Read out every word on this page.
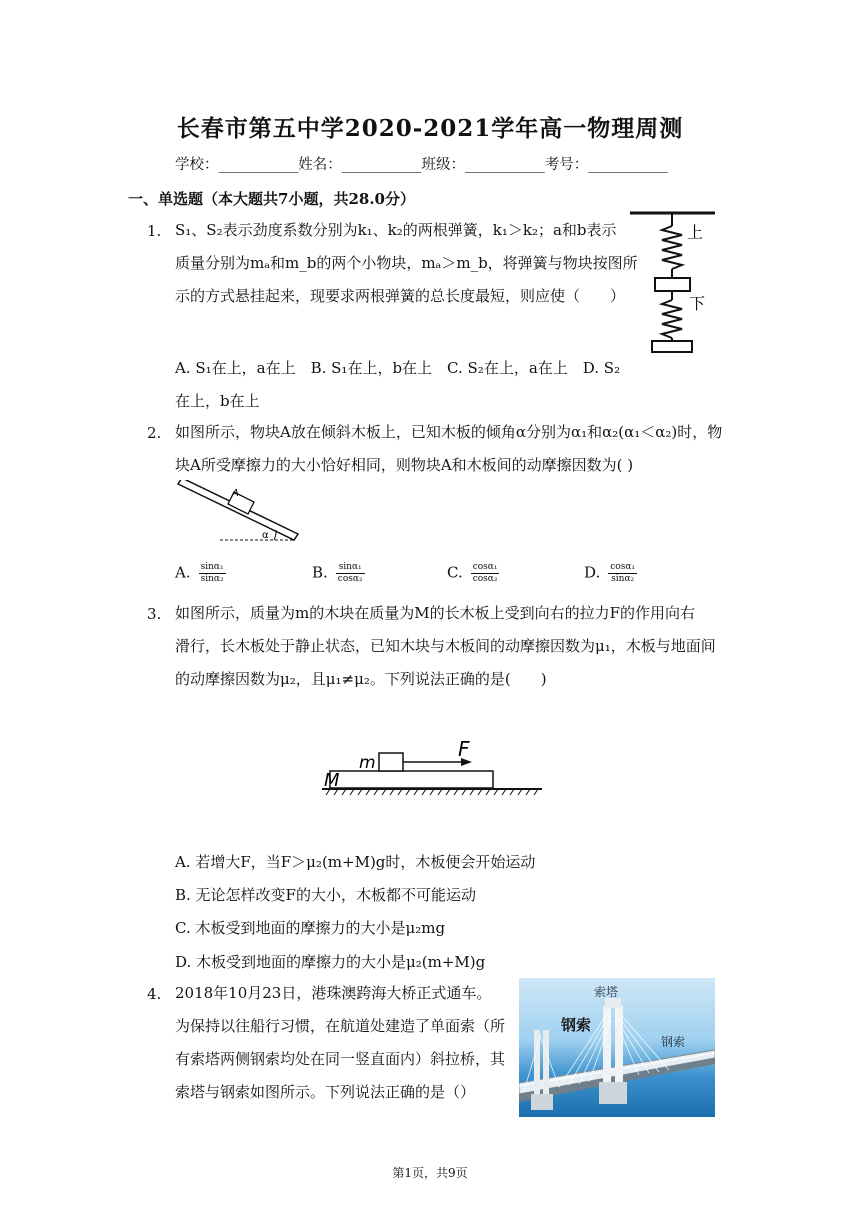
长春市第五中学2020-2021学年高一物理周测
学校：___________姓名：___________班级：___________考号：___________
一、单选题（本大题共7小题，共28.0分）
1. S₁、S₂表示劲度系数分别为k₁、k₂的两根弹簧，k₁＞k₂；a和b表示
质量分别为mₐ和m_b的两个小物块，mₐ＞m_b，将弹簧与物块按图所
示的方式悬挂起来，现要求两根弹簧的总长度最短，则应使（　　）
A. S₁在上，a在上　B. S₁在上，b在上　C. S₂在上，a在上　D. S₂
在上，b在上
上
下
2. 如图所示，物块A放在倾斜木板上，已知木板的倾角α分别为α₁和α₂(α₁＜α₂)时，物
块A所受摩擦力的大小恰好相同，则物块A和木板间的动摩擦因数为( )
A
α
A. $\frac{\text{sinα₁}}{\text{sinα₂}}$	B. $\frac{\text{sinα₁}}{\text{cosα₂}}$	C. $\frac{\text{cosα₁}}{\text{cosα₂}}$	D. $\frac{\text{cosα₁}}{\text{sinα₂}}$
3. 如图所示，质量为m的木块在质量为M的长木板上受到向右的拉力F的作用向右
滑行，长木板处于静止状态，已知木块与木板间的动摩擦因数为μ₁，木板与地面间
的动摩擦因数为μ₂，且μ₁≠μ₂。下列说法正确的是(　　)
m
M
F
A. 若增大F，当F＞μ₂(m+M)g时，木板便会开始运动
B. 无论怎样改变F的大小，木板都不可能运动
C. 木板受到地面的摩擦力的大小是μ₂mg
D. 木板受到地面的摩擦力的大小是μ₂(m+M)g
4. 2018年10月23日，港珠澳跨海大桥正式通车。
为保持以往船行习惯，在航道处建造了单面索（所
有索塔两侧钢索均处在同一竖直面内）斜拉桥，其
索塔与钢索如图所示。下列说法正确的是（）
索塔
钢索
钢索
第1页，共9页
